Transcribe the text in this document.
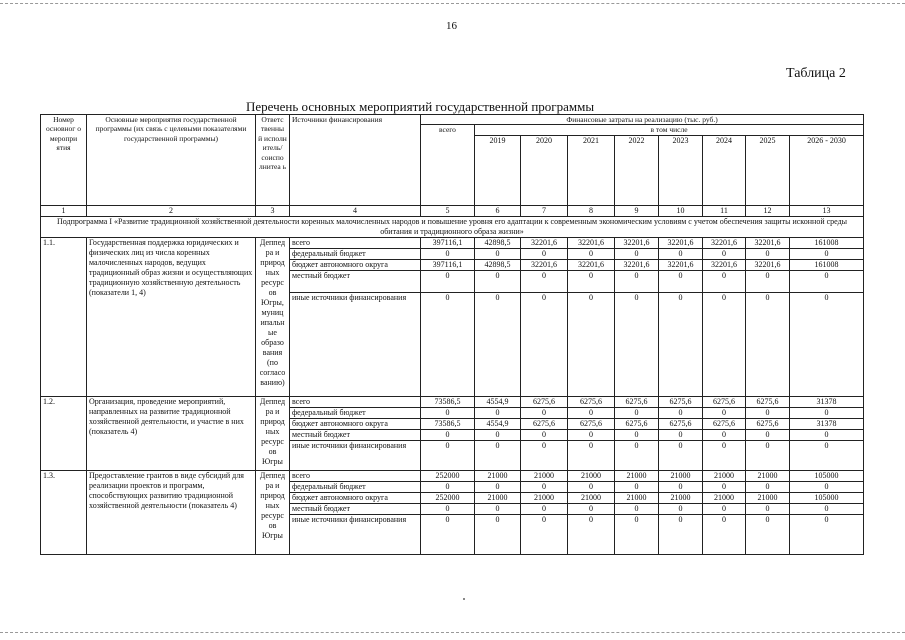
16
Таблица 2
Перечень основных мероприятий государственной программы
Номер основног о меропри ятия	Основные мероприятия государственной программы (их связь с целевыми показателями государственной программы)	Ответс твенны й исполн итель/ соиспо лнитеа ь	Источники финансирования	Финансовые затраты на реализацию (тыс. руб.)								
				всего	в том числе							
					2019	2020	2021	2022	2023	2024	2025	2026 - 2030
1	2	3	4	5	6	7	8	9	10	11	12	13
Подпрограмма I «Развитие традиционной хозяйственной деятельности коренных малочисленных народов и повышение уровня его адаптации к современным экономическим условиям с учетом обеспечения защиты исконной среды обитания и традиционного образа жизни»												
1.1.	Государственная поддержка юридических и физических лиц из числа коренных малочисленных народов, ведущих традиционный образ жизни и осуществляющих традиционную хозяйственную деятельность (показатели 1, 4)	Деппед ра и природ ных ресурс ов Югры, муниц ипальн ые образо вания (по согласо ванию)	всего	397116,1	42898,5	32201,6	32201,6	32201,6	32201,6	32201,6	32201,6	161008
			федеральный бюджет	0	0	0	0	0	0	0	0	0
			бюджет автономного округа	397116,1	42898,5	32201,6	32201,6	32201,6	32201,6	32201,6	32201,6	161008
			местный бюджет	0	0	0	0	0	0	0	0	0
			иные источники финансирования	0	0	0	0	0	0	0	0	0
1.2.	Организация, проведение мероприятий, направленных на развитие традиционной хозяйственной деятельности, и участие в них (показатель 4)	Деппед ра и природ ных ресурс ов Югры	всего	73586,5	4554,9	6275,6	6275,6	6275,6	6275,6	6275,6	6275,6	31378
			федеральный бюджет	0	0	0	0	0	0	0	0	0
			бюджет автономного округа	73586,5	4554,9	6275,6	6275,6	6275,6	6275,6	6275,6	6275,6	31378
			местный бюджет	0	0	0	0	0	0	0	0	0
			иные источники финансирования	0	0	0	0	0	0	0	0	0
1.3.	Предоставление грантов в виде субсидий для реализации проектов и программ, способствующих развитию традиционной хозяйственной деятельности (показатель 4)	Деппед ра и природ ных ресурс ов Югры	всего	252000	21000	21000	21000	21000	21000	21000	21000	105000
			федеральный бюджет	0	0	0	0	0	0	0	0	0
			бюджет автономного округа	252000	21000	21000	21000	21000	21000	21000	21000	105000
			местный бюджет	0	0	0	0	0	0	0	0	0
			иные источники финансирования	0	0	0	0	0	0	0	0	0
